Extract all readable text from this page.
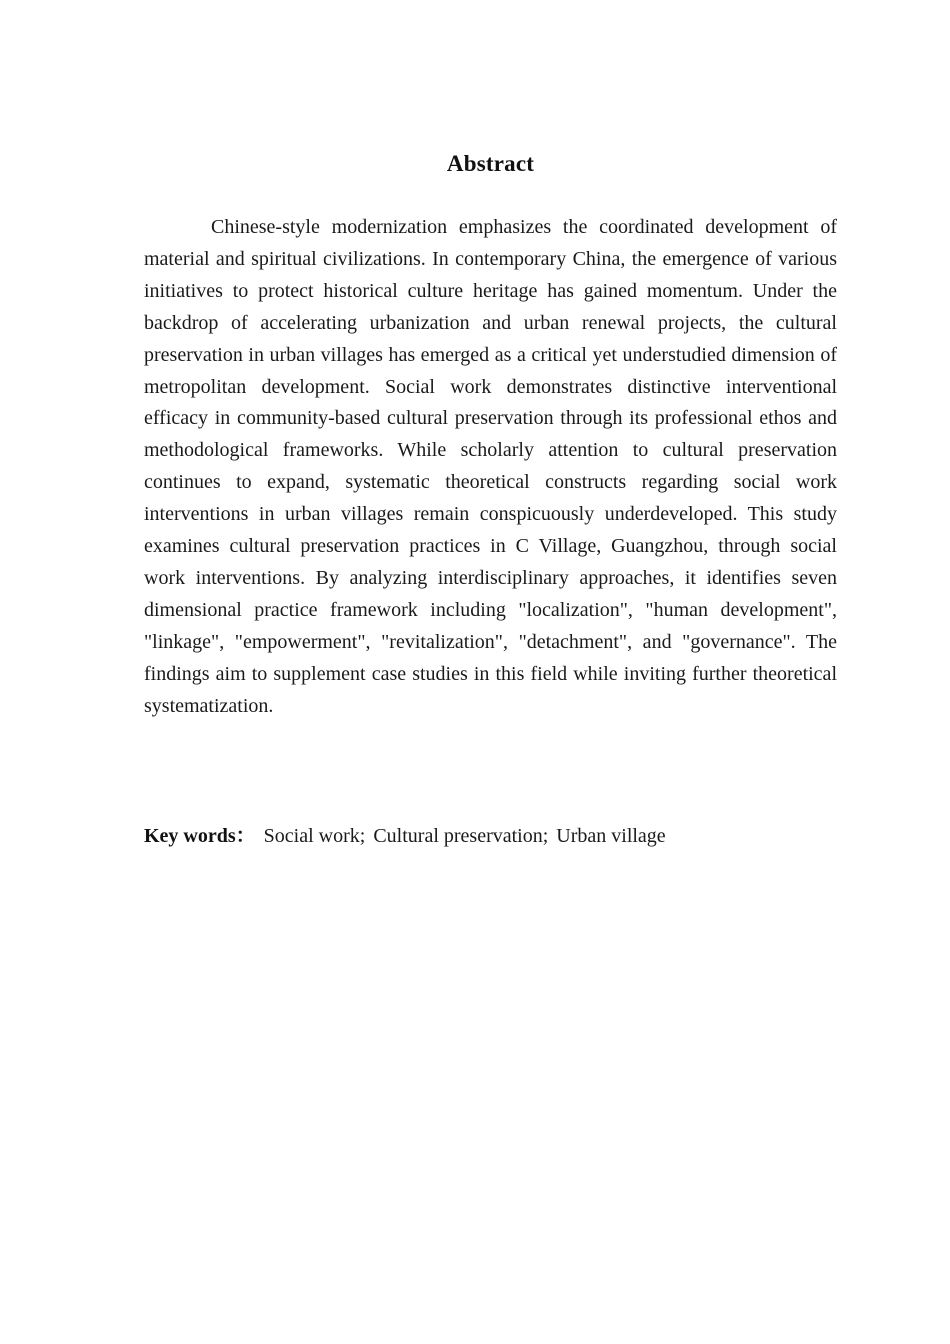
Abstract

Chinese-style modernization emphasizes the coordinated development of material and spiritual civilizations. In contemporary China, the emergence of various initiatives to protect historical culture heritage has gained momentum. Under the backdrop of accelerating urbanization and urban renewal projects, the cultural preservation in urban villages has emerged as a critical yet understudied dimension of metropolitan development. Social work demonstrates distinctive interventional efficacy in community-based cultural preservation through its professional ethos and methodological frameworks. While scholarly attention to cultural preservation continues to expand, systematic theoretical constructs regarding social work interventions in urban villages remain conspicuously underdeveloped. This study examines cultural preservation practices in C Village, Guangzhou, through social work interventions. By analyzing interdisciplinary approaches, it identifies seven dimensional practice framework including "localization", "human development", "linkage", "empowerment", "revitalization", "detachment", and "governance". The findings aim to supplement case studies in this field while inviting further theoretical systematization.

Key words： Social work; Cultural preservation; Urban village
